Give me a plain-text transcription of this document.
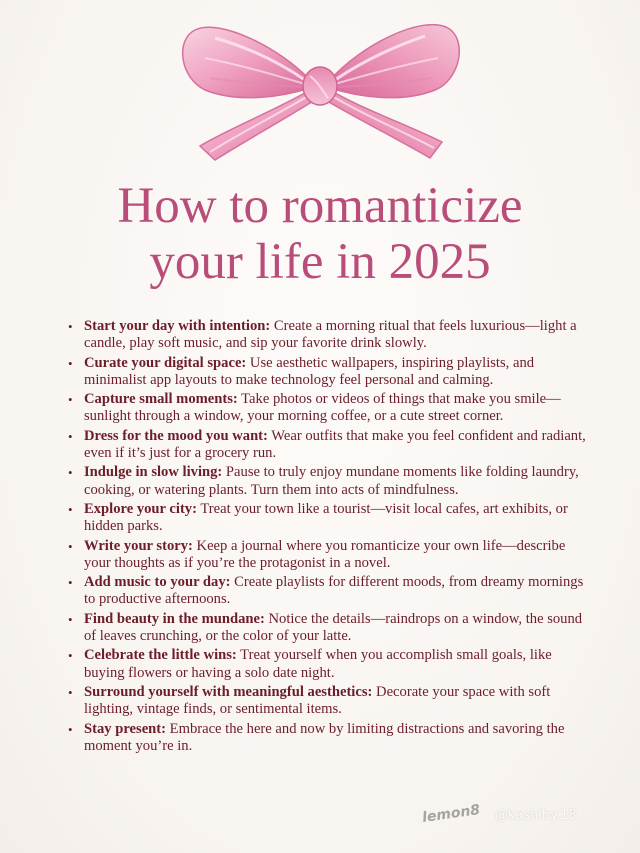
How to romanticize
your life in 2025
• Start your day with intention: Create a morning ritual that feels luxurious—light a candle, play soft music, and sip your favorite drink slowly.
• Curate your digital space: Use aesthetic wallpapers, inspiring playlists, and minimalist app layouts to make technology feel personal and calming.
• Capture small moments: Take photos or videos of things that make you smile—sunlight through a window, your morning coffee, or a cute street corner.
• Dress for the mood you want: Wear outfits that make you feel confident and radiant, even if it’s just for a grocery run.
• Indulge in slow living: Pause to truly enjoy mundane moments like folding laundry, cooking, or watering plants. Turn them into acts of mindfulness.
• Explore your city: Treat your town like a tourist—visit local cafes, art exhibits, or hidden parks.
• Write your story: Keep a journal where you romanticize your own life—describe your thoughts as if you’re the protagonist in a novel.
• Add music to your day: Create playlists for different moods, from dreamy mornings to productive afternoons.
• Find beauty in the mundane: Notice the details—raindrops on a window, the sound of leaves crunching, or the color of your latte.
• Celebrate the little wins: Treat yourself when you accomplish small goals, like buying flowers or having a solo date night.
• Surround yourself with meaningful aesthetics: Decorate your space with soft lighting, vintage finds, or sentimental items.
• Stay present: Embrace the here and now by limiting distractions and savoring the moment you’re in.
lemon8 @kashiby.18
